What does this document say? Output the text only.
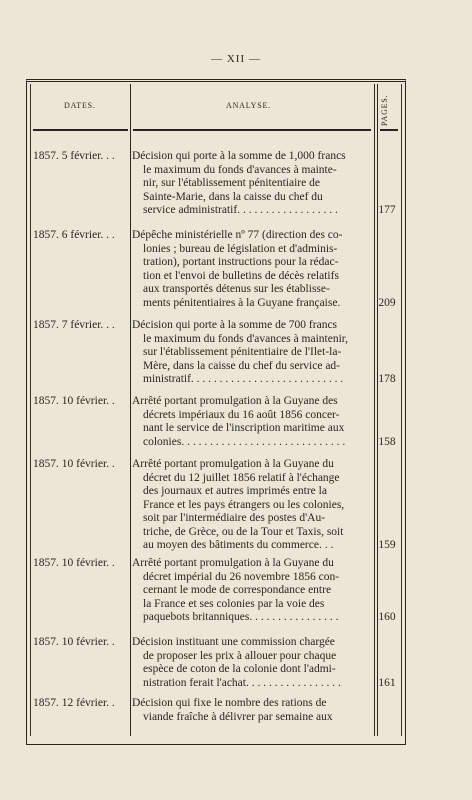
— XII —
DATES.	ANALYSE.	PAGES.
1857. 5 février. . .	Décision qui porte à la somme de 1,000 francs

le maximum du fonds d'avances à mainte-

nir, sur l'établissement pénitentiaire de

Sainte-Marie, dans la caisse du chef du

service administratif. . . . . . . . . . . . . . . . . .	177
1857. 6 février. . .	Dépêche ministérielle nº 77 (direction des co-

lonies ; bureau de législation et d'adminis-

tration), portant instructions pour la rédac-

tion et l'envoi de bulletins de décès relatifs

aux transportés détenus sur les établisse-

ments pénitentiaires à la Guyane française.	209
1857. 7 février. . .	Décision qui porte à la somme de 700 francs

le maximum du fonds d'avances à maintenir,

sur l'établissement pénitentiaire de l'Ilet-la-

Mère, dans la caisse du chef du service ad-

ministratif. . . . . . . . . . . . . . . . . . . . . . . . . . .	178
1857. 10 février. .	Arrêté portant promulgation à la Guyane des

décrets impériaux du 16 août 1856 concer-

nant le service de l'inscription maritime aux

colonies. . . . . . . . . . . . . . . . . . . . . . . . . . . . .	158
1857. 10 février. .	Arrêté portant promulgation à la Guyane du

décret du 12 juillet 1856 relatif à l'échange

des journaux et autres imprimés entre la

France et les pays étrangers ou les colonies,

soit par l'intermédiaire des postes d'Au-

triche, de Grèce, ou de la Tour et Taxis, soit

au moyen des bâtiments du commerce. . .	159
1857. 10 février. .	Arrêté portant promulgation à la Guyane du

décret impérial du 26 novembre 1856 con-

cernant le mode de correspondance entre

la France et ses colonies par la voie des

paquebots britanniques. . . . . . . . . . . . . . . .	160
1857. 10 février. .	Décision instituant une commission chargée

de proposer les prix à allouer pour chaque

espèce de coton de la colonie dont l'admi-

nistration ferait l'achat. . . . . . . . . . . . . . . . .	161
1857. 12 février. .	Décision qui fixe le nombre des rations de

viande fraîche à délivrer par semaine aux
